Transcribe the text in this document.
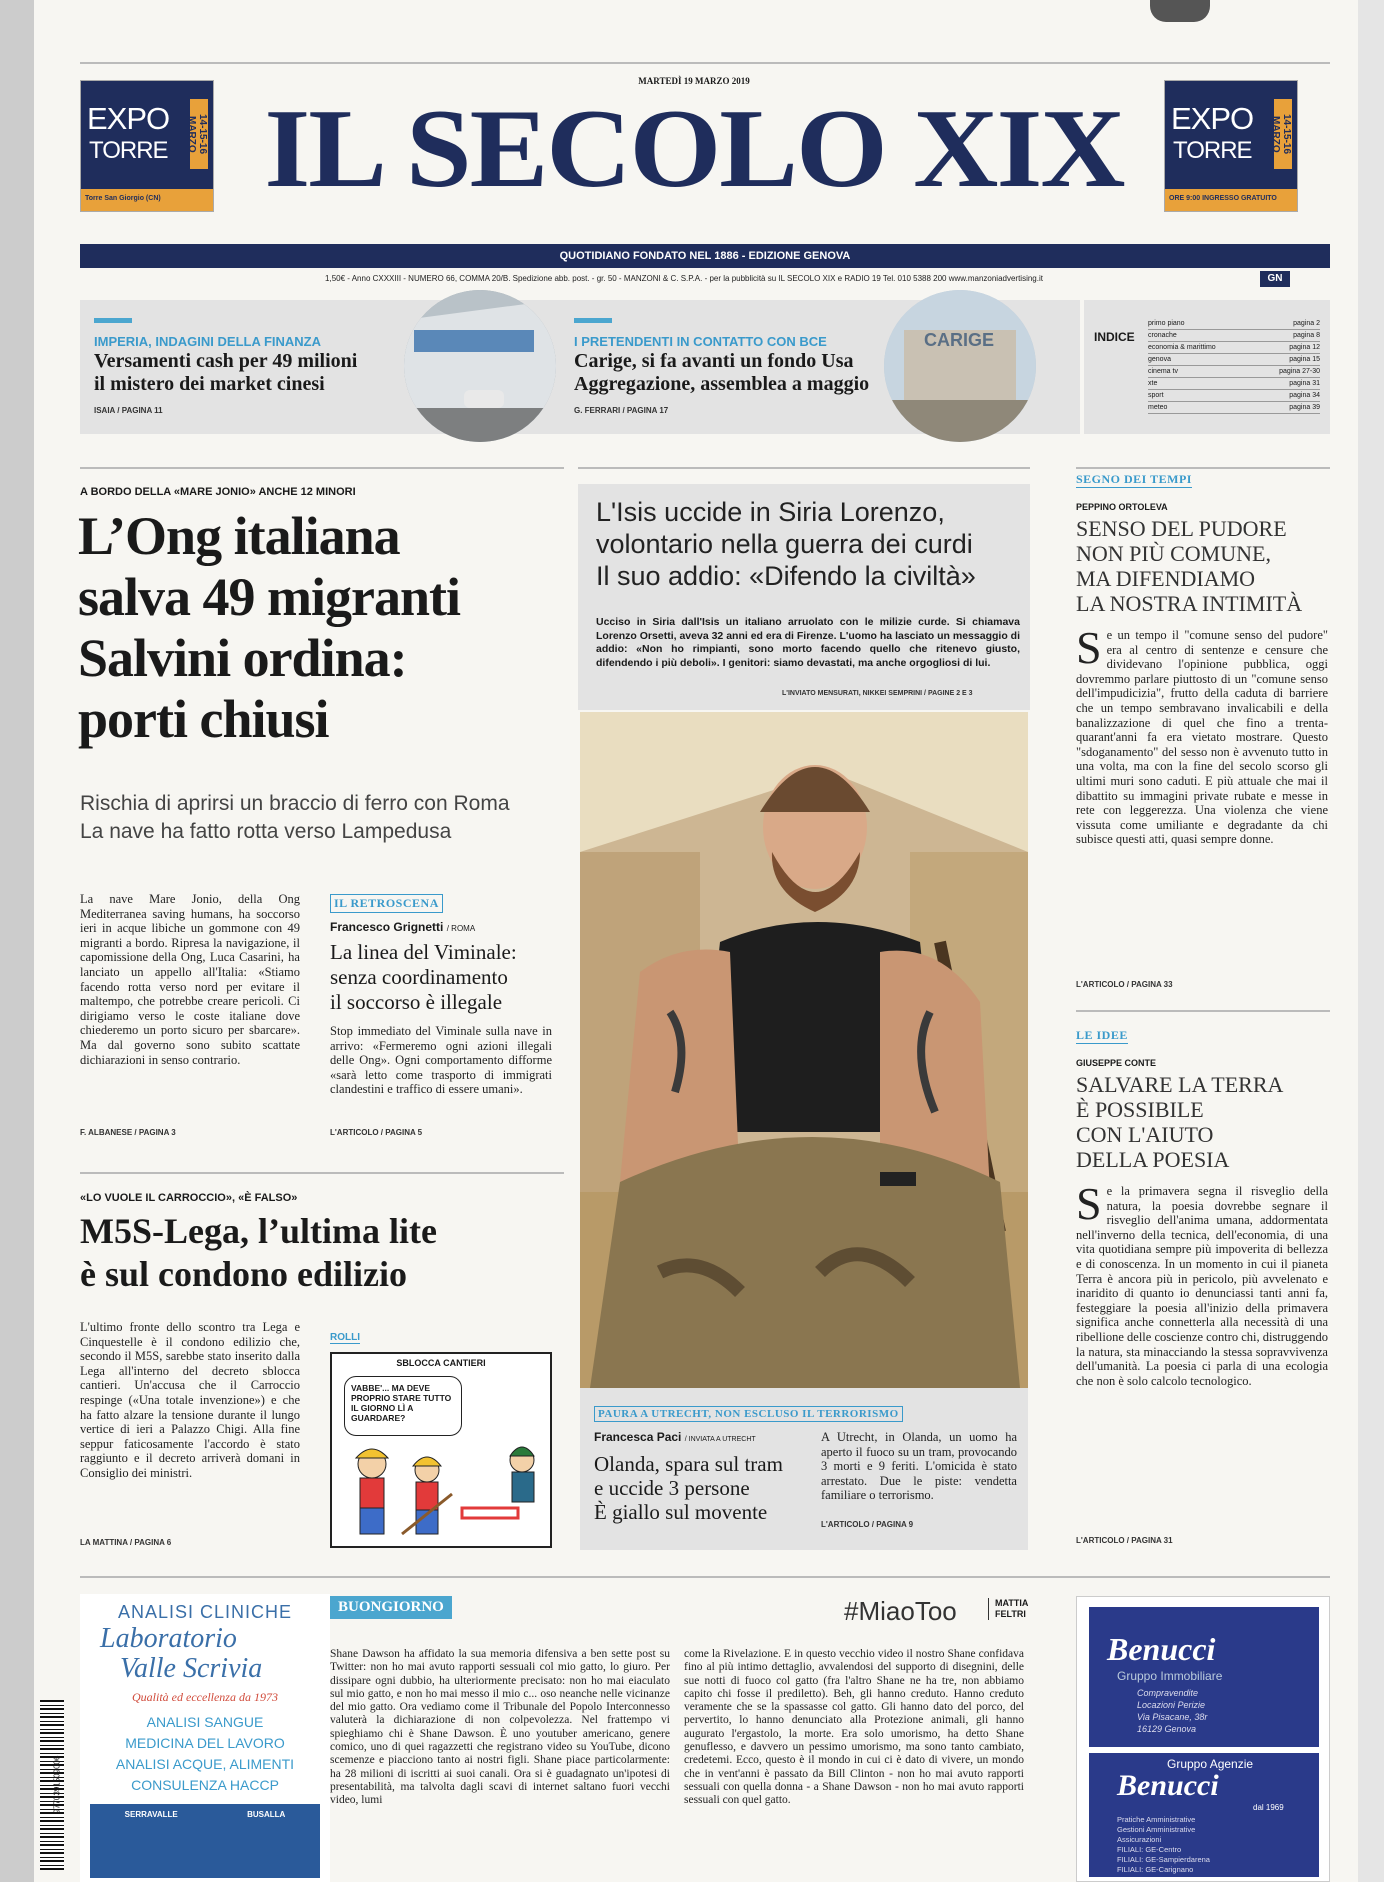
EXPO
TORRE	14-15-16 MARZO
Torre San Giorgio (CN)
EXPO
TORRE	14-15-16 MARZO
ORE 9:00 INGRESSO GRATUITO
MARTEDÌ 19 MARZO 2019
IL SECOLO XIX
QUOTIDIANO FONDATO NEL 1886 - EDIZIONE GENOVA
1,50€ - Anno CXXXIII - NUMERO 66, COMMA 20/B. Spedizione abb. post. - gr. 50 - MANZONI & C. S.P.A. - per la pubblicità su IL SECOLO XIX e RADIO 19 Tel. 010 5388 200 www.manzoniadvertising.it	GN
IMPERIA, INDAGINI DELLA FINANZA
Versamenti cash per 49 milioni
il mistero dei market cinesi
ISAIA / PAGINA 11
I PRETENDENTI IN CONTATTO CON BCE
Carige, si fa avanti un fondo Usa
Aggregazione, assemblea a maggio
G. FERRARI / PAGINA 17
CARIGE	INDICE
primo piano	pagina 2
cronache	pagina 8
economia & marittimo	pagina 12
genova	pagina 15
cinema tv	pagina 27-30
xte	pagina 31
sport	pagina 34
meteo	pagina 39
A BORDO DELLA «MARE JONIO» ANCHE 12 MINORI
L’Ong italiana
salva 49 migranti
Salvini ordina:
porti chiusi
Rischia di aprirsi un braccio di ferro con Roma
La nave ha fatto rotta verso Lampedusa
La nave Mare Jonio, della Ong Mediterranea saving humans, ha soccorso ieri in acque libiche un gommone con 49 migranti a bordo. Ripresa la navigazione, il capomissione della Ong, Luca Casarini, ha lanciato un appello all'Italia: «Stiamo facendo rotta verso nord per evitare il maltempo, che potrebbe creare pericoli. Ci dirigiamo verso le coste italiane dove chiederemo un porto sicuro per sbarcare». Ma dal governo sono subito scattate dichiarazioni in senso contrario.
F. ALBANESE / PAGINA 3
IL RETROSCENA
Francesco Grignetti / ROMA
La linea del Viminale:
senza coordinamento
il soccorso è illegale
Stop immediato del Viminale sulla nave in arrivo: «Fermeremo ogni azioni illegali delle Ong». Ogni comportamento difforme «sarà letto come trasporto di immigrati clandestini e traffico di essere umani».
L'ARTICOLO / PAGINA 5
«LO VUOLE IL CARROCCIO», «È FALSO»
M5S-Lega, l’ultima lite
è sul condono edilizio
L'ultimo fronte dello scontro tra Lega e Cinquestelle è il condono edilizio che, secondo il M5S, sarebbe stato inserito dalla Lega all'interno del decreto sblocca cantieri. Un'accusa che il Carroccio respinge («Una totale invenzione») e che ha fatto alzare la tensione durante il lungo vertice di ieri a Palazzo Chigi. Alla fine seppur faticosamente l'accordo è stato raggiunto e il decreto arriverà domani in Consiglio dei ministri.
LA MATTINA / PAGINA 6
ROLLI
SBLOCCA CANTIERI
VABBE'... MA DEVE PROPRIO STARE TUTTO IL GIORNO LÌ A GUARDARE?
L'Isis uccide in Siria Lorenzo,
volontario nella guerra dei curdi
Il suo addio: «Difendo la civiltà»
Ucciso in Siria dall'Isis un italiano arruolato con le milizie curde. Si chiamava Lorenzo Orsetti, aveva 32 anni ed era di Firenze. L'uomo ha lasciato un messaggio di addio: «Non ho rimpianti, sono morto facendo quello che ritenevo giusto, difendendo i più deboli». I genitori: siamo devastati, ma anche orgogliosi di lui.
L'INVIATO MENSURATI, NIKKEI SEMPRINI / PAGINE 2 E 3
PAURA A UTRECHT, NON ESCLUSO IL TERRORISMO
Francesca Paci / INVIATA A UTRECHT
Olanda, spara sul tram
e uccide 3 persone
È giallo sul movente
A Utrecht, in Olanda, un uomo ha aperto il fuoco su un tram, provocando 3 morti e 9 feriti. L'omicida è stato arrestato. Due le piste: vendetta familiare o terrorismo.
L'ARTICOLO / PAGINA 9
SEGNO DEI TEMPI
PEPPINO ORTOLEVA
SENSO DEL PUDORE
NON PIÙ COMUNE,
MA DIFENDIAMO
LA NOSTRA INTIMITÀ
Se un tempo il "comune senso del pudore" era al centro di sentenze e censure che dividevano l'opinione pubblica, oggi dovremmo parlare piuttosto di un "comune senso dell'impudicizia", frutto della caduta di barriere che un tempo sembravano invalicabili e della banalizzazione di quel che fino a trenta-quarant'anni fa era vietato mostrare. Questo "sdoganamento" del sesso non è avvenuto tutto in una volta, ma con la fine del secolo scorso gli ultimi muri sono caduti. E più attuale che mai il dibattito su immagini private rubate e messe in rete con leggerezza. Una violenza che viene vissuta come umiliante e degradante da chi subisce questi atti, quasi sempre donne.
L'ARTICOLO / PAGINA 33
LE IDEE
GIUSEPPE CONTE
SALVARE LA TERRA
È POSSIBILE
CON L'AIUTO
DELLA POESIA
Se la primavera segna il risveglio della natura, la poesia dovrebbe segnare il risveglio dell'anima umana, addormentata nell'inverno della tecnica, dell'economia, di una vita quotidiana sempre più impoverita di bellezza e di conoscenza. In un momento in cui il pianeta Terra è ancora più in pericolo, più avvelenato e inaridito di quanto io denunciassi tanti anni fa, festeggiare la poesia all'inizio della primavera significa anche connetterla alla necessità di una ribellione delle coscienze contro chi, distruggendo la natura, sta minacciando la stessa sopravvivenza dell'umanità. La poesia ci parla di una ecologia che non è solo calcolo tecnologico.
L'ARTICOLO / PAGINA 31
ANALISI CLINICHE
Laboratorio
Valle Scrivia
Qualità ed eccellenza da 1973
ANALISI SANGUE
MEDICINA DEL LAVORO
ANALISI ACQUE, ALIMENTI
CONSULENZA HACCP
SERRAVALLE	BUSALLA
9770391509006
BUONGIORNO	#MiaoToo	MATTIA
FELTRI
Shane Dawson ha affidato la sua memoria difensiva a ben sette post su Twitter: non ho mai avuto rapporti sessuali col mio gatto, lo giuro. Per dissipare ogni dubbio, ha ulteriormente precisato: non ho mai eiaculato sul mio gatto, e non ho mai messo il mio c... oso neanche nelle vicinanze del mio gatto. Ora vediamo come il Tribunale del Popolo Interconnesso valuterà la dichiarazione di non colpevolezza. Nel frattempo vi spieghiamo chi è Shane Dawson. È uno youtuber americano, genere comico, uno di quei ragazzetti che registrano video su YouTube, dicono scemenze e piacciono tanto ai nostri figli. Shane piace particolarmente: ha 28 milioni di iscritti ai suoi canali. Ora si è guadagnato un'ipotesi di presentabilità, ma talvolta dagli scavi di internet saltano fuori vecchi video, lumi
come la Rivelazione. E in questo vecchio video il nostro Shane confidava fino al più intimo dettaglio, avvalendosi del supporto di disegnini, delle sue notti di fuoco col gatto (fra l'altro Shane ne ha tre, non abbiamo capito chi fosse il prediletto). Beh, gli hanno creduto. Hanno creduto veramente che se la spassasse col gatto. Gli hanno dato del porco, del pervertito, lo hanno denunciato alla Protezione animali, gli hanno augurato l'ergastolo, la morte. Era solo umorismo, ha detto Shane genuflesso, e davvero un pessimo umorismo, ma sono tanto cambiato, credetemi. Ecco, questo è il mondo in cui ci è dato di vivere, un mondo che in vent'anni è passato da Bill Clinton - non ho mai avuto rapporti sessuali con quella donna - a Shane Dawson - non ho mai avuto rapporti sessuali con quel gatto.
Benucci
Gruppo Immobiliare
Compravendite
Locazioni Perizie
Via Pisacane, 38r
16129 Genova
Gruppo Agenzie
Benucci
dal 1969
Pratiche Amministrative
Gestioni Amministrative
Assicurazioni
FILIALI: GE-Centro
FILIALI: GE-Sampierdarena
FILIALI: GE-Carignano
